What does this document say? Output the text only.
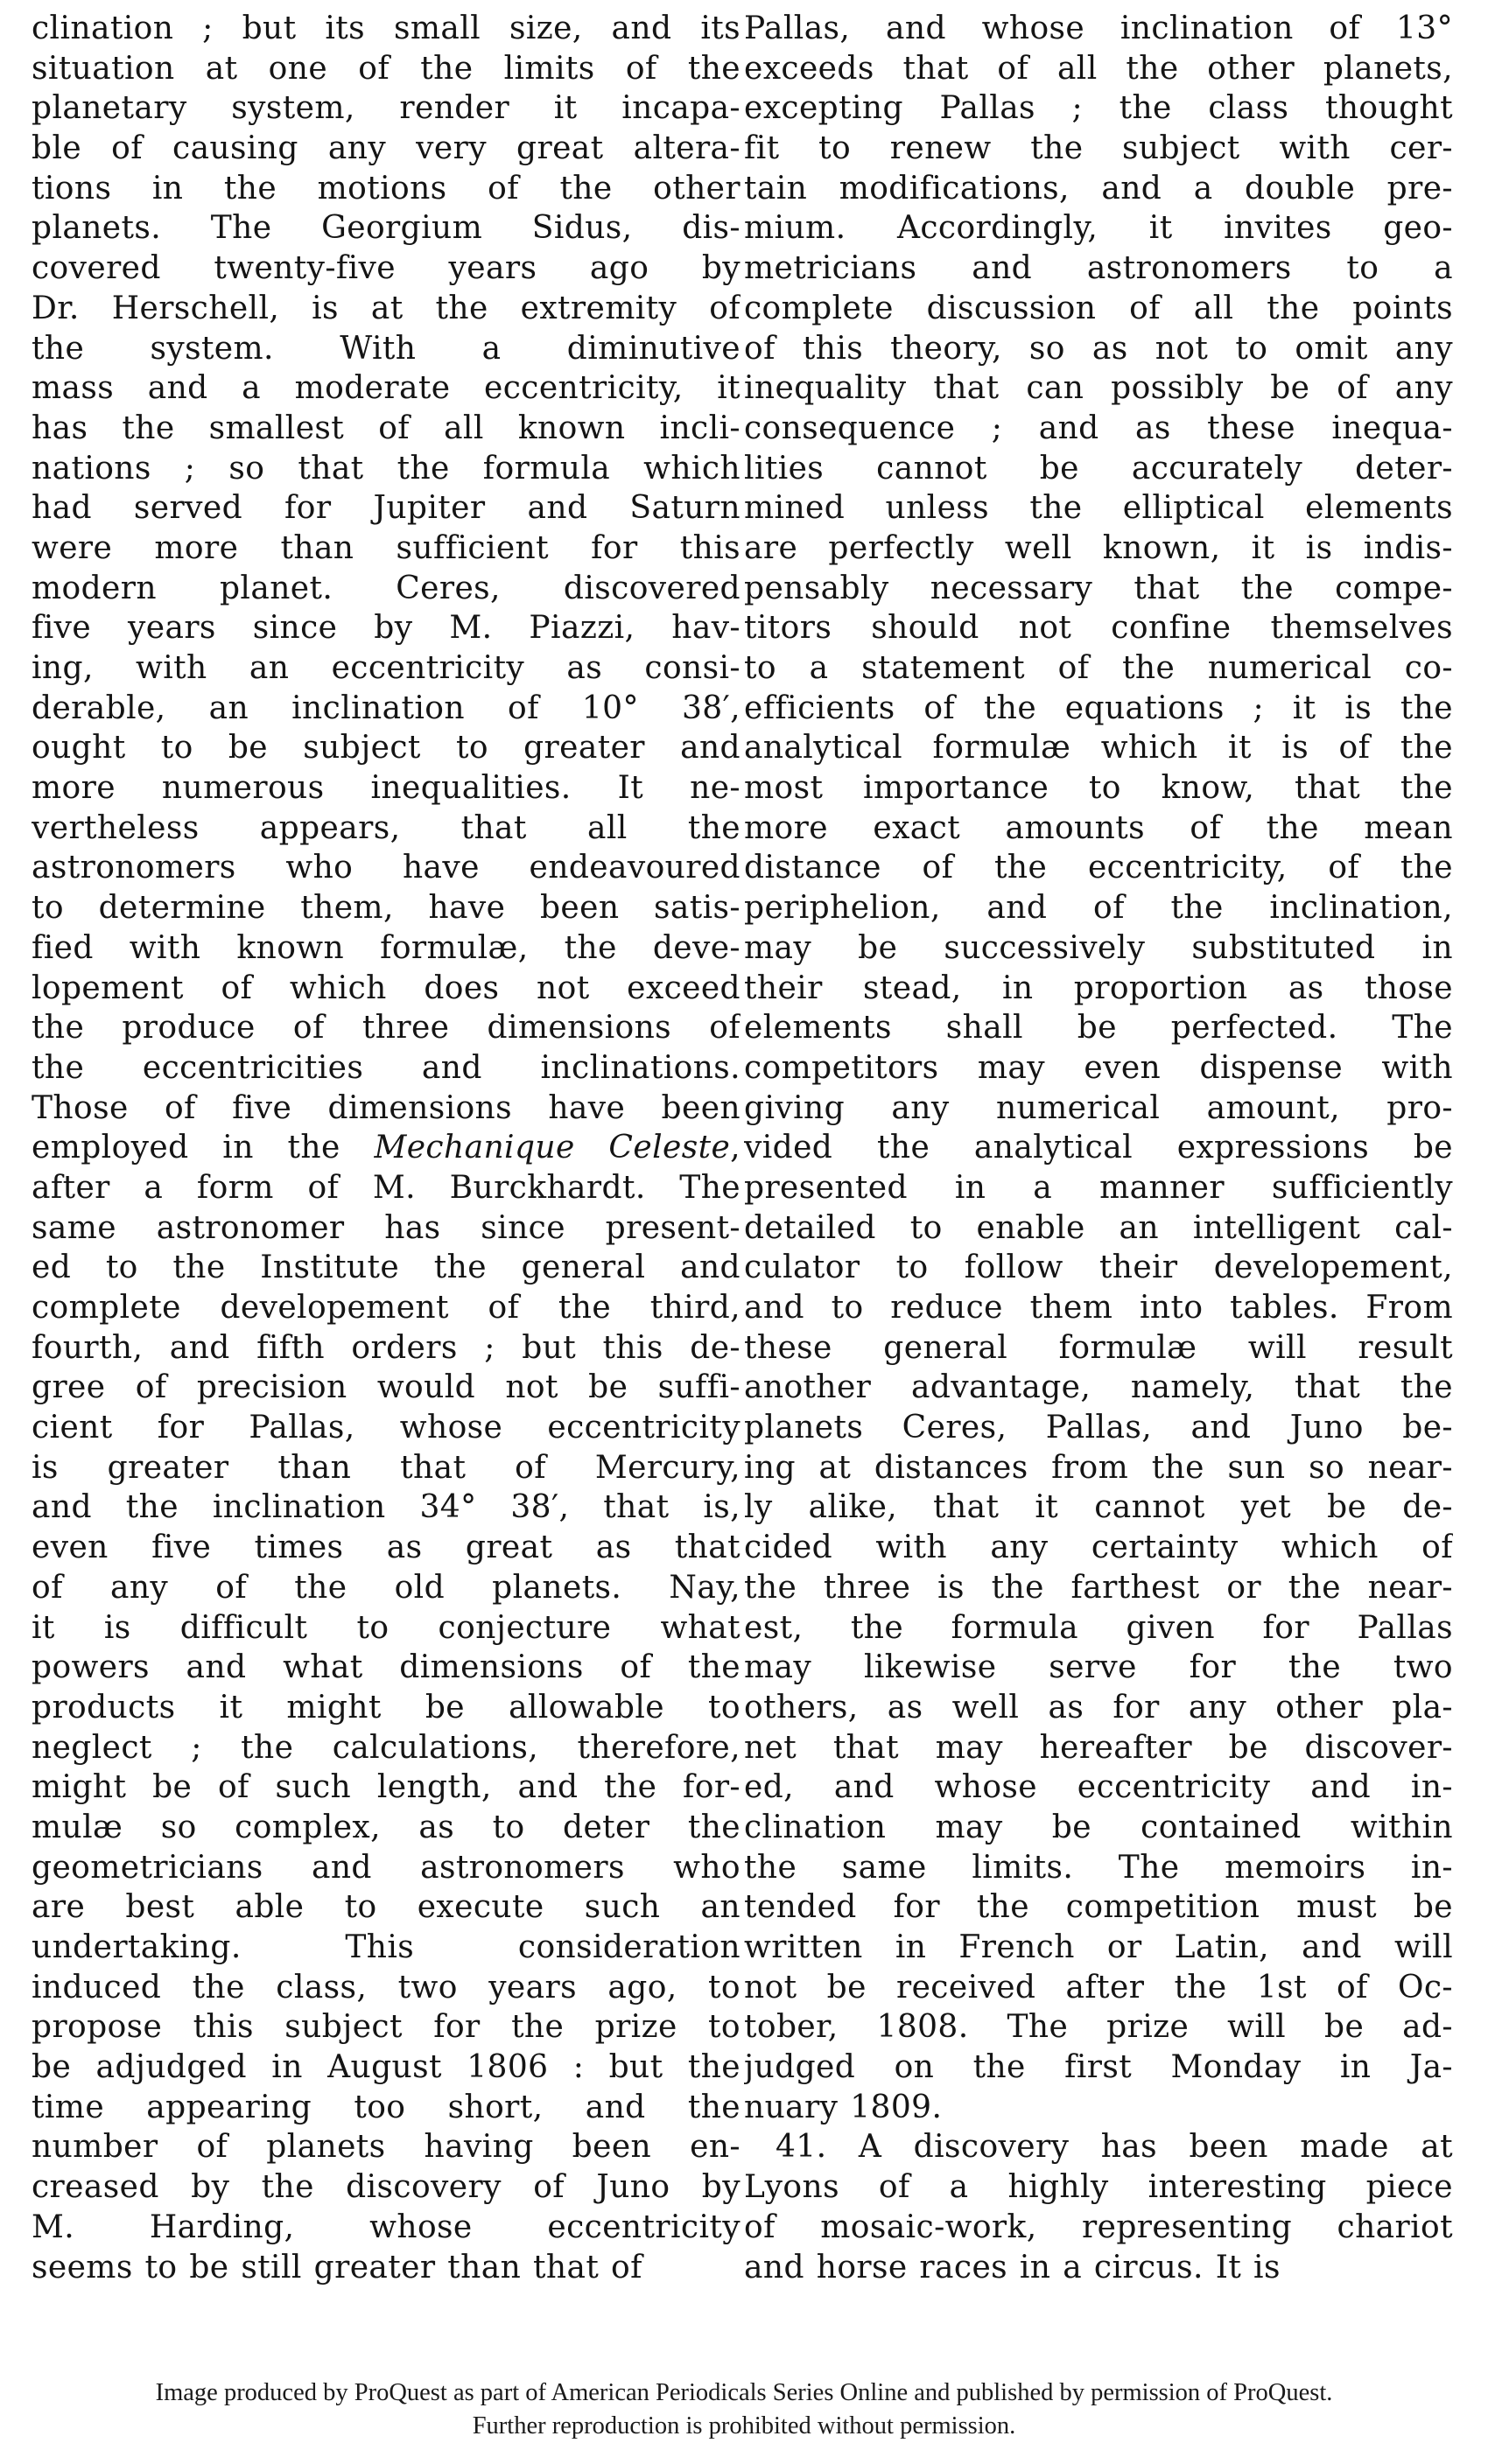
clination ; but its small size, and its
situation at one of the limits of the
planetary system, render it incapa-
ble of causing any very great altera-
tions in the motions of the other
planets. The Georgium Sidus, dis-
covered twenty-five years ago by
Dr. Herschell, is at the extremity of
the system. With a diminutive
mass and a moderate eccentricity, it
has the smallest of all known incli-
nations ; so that the formula which
had served for Jupiter and Saturn
were more than sufficient for this
modern planet. Ceres, discovered
five years since by M. Piazzi, hav-
ing, with an eccentricity as consi-
derable, an inclination of 10° 38′,
ought to be subject to greater and
more numerous inequalities. It ne-
vertheless appears, that all the
astronomers who have endeavoured
to determine them, have been satis-
fied with known formulæ, the deve-
lopement of which does not exceed
the produce of three dimensions of
the eccentricities and inclinations.
Those of five dimensions have been
employed in the Mechanique Celeste,
after a form of M. Burckhardt. The
same astronomer has since present-
ed to the Institute the general and
complete developement of the third,
fourth, and fifth orders ; but this de-
gree of precision would not be suffi-
cient for Pallas, whose eccentricity
is greater than that of Mercury,
and the inclination 34° 38′, that is,
even five times as great as that
of any of the old planets. Nay,
it is difficult to conjecture what
powers and what dimensions of the
products it might be allowable to
neglect ; the calculations, therefore,
might be of such length, and the for-
mulæ so complex, as to deter the
geometricians and astronomers who
are best able to execute such an
undertaking. This consideration
induced the class, two years ago, to
propose this subject for the prize to
be adjudged in August 1806 : but the
time appearing too short, and the
number of planets having been en-
creased by the discovery of Juno by
M. Harding, whose eccentricity
seems to be still greater than that of
Pallas, and whose inclination of 13°
exceeds that of all the other planets,
excepting Pallas ; the class thought
fit to renew the subject with cer-
tain modifications, and a double pre-
mium. Accordingly, it invites geo-
metricians and astronomers to a
complete discussion of all the points
of this theory, so as not to omit any
inequality that can possibly be of any
consequence ; and as these inequa-
lities cannot be accurately deter-
mined unless the elliptical elements
are perfectly well known, it is indis-
pensably necessary that the compe-
titors should not confine themselves
to a statement of the numerical co-
efficients of the equations ; it is the
analytical formulæ which it is of the
most importance to know, that the
more exact amounts of the mean
distance of the eccentricity, of the
periphelion, and of the inclination,
may be successively substituted in
their stead, in proportion as those
elements shall be perfected. The
competitors may even dispense with
giving any numerical amount, pro-
vided the analytical expressions be
presented in a manner sufficiently
detailed to enable an intelligent cal-
culator to follow their developement,
and to reduce them into tables. From
these general formulæ will result
another advantage, namely, that the
planets Ceres, Pallas, and Juno be-
ing at distances from the sun so near-
ly alike, that it cannot yet be de-
cided with any certainty which of
the three is the farthest or the near-
est, the formula given for Pallas
may likewise serve for the two
others, as well as for any other pla-
net that may hereafter be discover-
ed, and whose eccentricity and in-
clination may be contained within
the same limits. The memoirs in-
tended for the competition must be
written in French or Latin, and will
not be received after the 1st of Oc-
tober, 1808. The prize will be ad-
judged on the first Monday in Ja-
nuary 1809.
41. A discovery has been made at
Lyons of a highly interesting piece
of mosaic-work, representing chariot
and horse races in a circus. It is
Image produced by ProQuest as part of American Periodicals Series Online and published by permission of ProQuest.
Further reproduction is prohibited without permission.
